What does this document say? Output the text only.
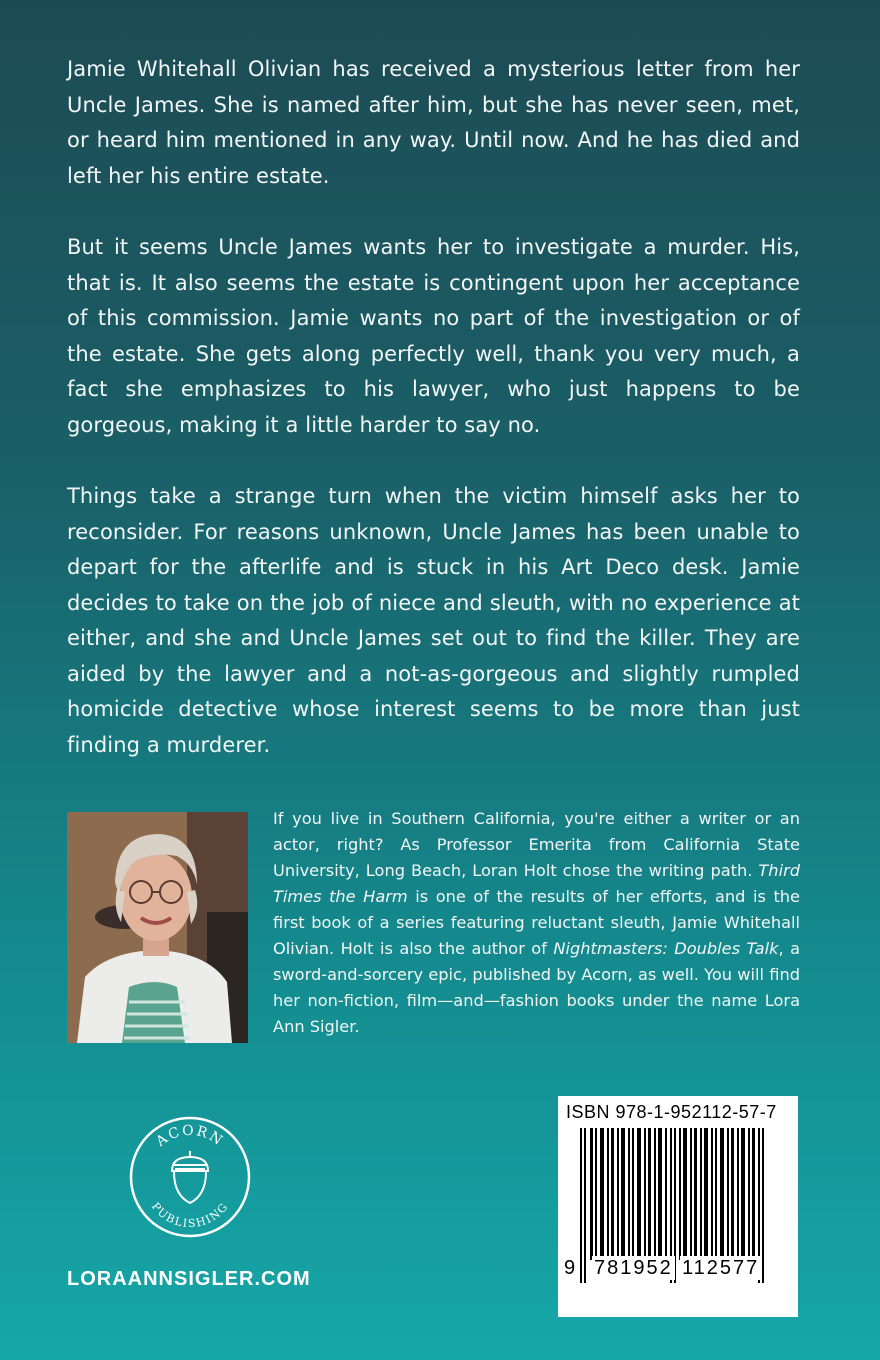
Jamie Whitehall Olivian has received a mysterious letter from her Uncle James. She is named after him, but she has never seen, met, or heard him mentioned in any way. Until now. And he has died and left her his entire estate.

But it seems Uncle James wants her to investigate a murder. His, that is. It also seems the estate is contingent upon her acceptance of this commission. Jamie wants no part of the investigation or of the estate. She gets along perfectly well, thank you very much, a fact she emphasizes to his lawyer, who just happens to be gorgeous, making it a little harder to say no.

Things take a strange turn when the victim himself asks her to reconsider. For reasons unknown, Uncle James has been unable to depart for the afterlife and is stuck in his Art Deco desk. Jamie decides to take on the job of niece and sleuth, with no experience at either, and she and Uncle James set out to find the killer. They are aided by the lawyer and a not-as-gorgeous and slightly rumpled homicide detective whose interest seems to be more than just finding a murderer.

If you live in Southern California, you're either a writer or an actor, right? As Professor Emerita from California State University, Long Beach, Loran Holt chose the writing path. Third Times the Harm is one of the results of her efforts, and is the first book of a series featuring reluctant sleuth, Jamie Whitehall Olivian. Holt is also the author of Nightmasters: Doubles Talk, a sword-and-sorcery epic, published by Acorn, as well. You will find her non-fiction, film—and—fashion books under the name Lora Ann Sigler.
ACORN
PUBLISHING
LORAANNSIGLER.COM
ISBN 978-1-952112-57-7
9 781952 112577
